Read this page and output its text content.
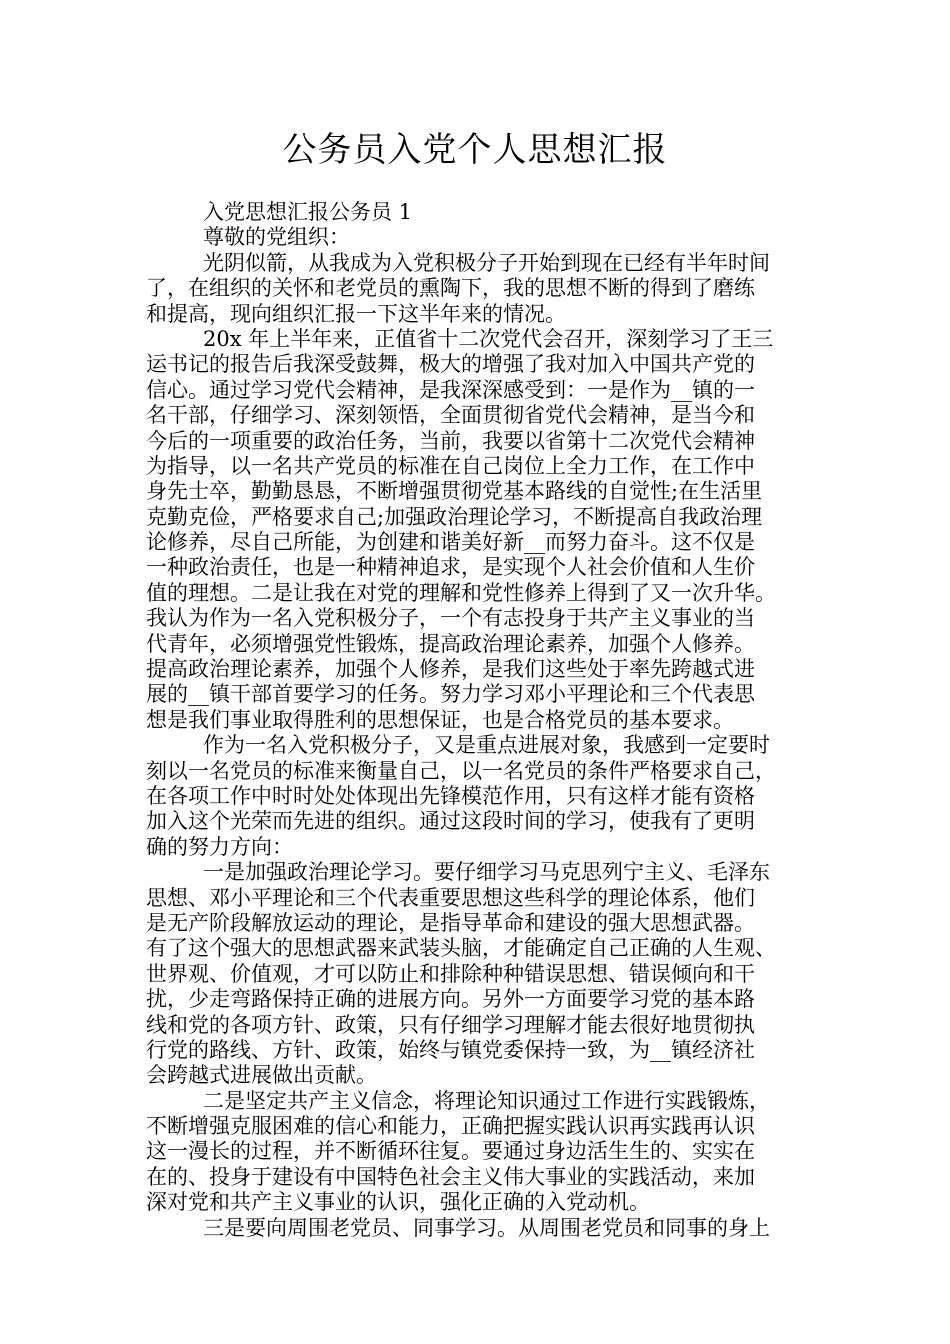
公务员入党个人思想汇报
入党思想汇报公务员 1
尊敬的党组织：
光阴似箭，从我成为入党积极分子开始到现在已经有半年时间
了，在组织的关怀和老党员的熏陶下，我的思想不断的得到了磨练
和提高，现向组织汇报一下这半年来的情况。
20x 年上半年来，正值省十二次党代会召开，深刻学习了王三
运书记的报告后我深受鼓舞，极大的增强了我对加入中国共产党的
信心。通过学习党代会精神，是我深深感受到：一是作为__镇的一
名干部，仔细学习、深刻领悟，全面贯彻省党代会精神，是当今和
今后的一项重要的政治任务，当前，我要以省第十二次党代会精神
为指导，以一名共产党员的标准在自己岗位上全力工作，在工作中
身先士卒，勤勤恳恳，不断增强贯彻党基本路线的自觉性;在生活里
克勤克俭，严格要求自己;加强政治理论学习，不断提高自我政治理
论修养，尽自己所能，为创建和谐美好新__而努力奋斗。这不仅是
一种政治责任，也是一种精神追求，是实现个人社会价值和人生价
值的理想。二是让我在对党的理解和党性修养上得到了又一次升华。
我认为作为一名入党积极分子，一个有志投身于共产主义事业的当
代青年，必须增强党性锻炼，提高政治理论素养，加强个人修养。
提高政治理论素养，加强个人修养，是我们这些处于率先跨越式进
展的__镇干部首要学习的任务。努力学习邓小平理论和三个代表思
想是我们事业取得胜利的思想保证，也是合格党员的基本要求。
作为一名入党积极分子，又是重点进展对象，我感到一定要时
刻以一名党员的标准来衡量自己，以一名党员的条件严格要求自己，
在各项工作中时时处处体现出先锋模范作用，只有这样才能有资格
加入这个光荣而先进的组织。通过这段时间的学习，使我有了更明
确的努力方向：
一是加强政治理论学习。要仔细学习马克思列宁主义、毛泽东
思想、邓小平理论和三个代表重要思想这些科学的理论体系，他们
是无产阶段解放运动的理论，是指导革命和建设的强大思想武器。
有了这个强大的思想武器来武装头脑，才能确定自己正确的人生观、
世界观、价值观，才可以防止和排除种种错误思想、错误倾向和干
扰，少走弯路保持正确的进展方向。另外一方面要学习党的基本路
线和党的各项方针、政策，只有仔细学习理解才能去很好地贯彻执
行党的路线、方针、政策，始终与镇党委保持一致，为__镇经济社
会跨越式进展做出贡献。
二是坚定共产主义信念，将理论知识通过工作进行实践锻炼，
不断增强克服困难的信心和能力，正确把握实践认识再实践再认识
这一漫长的过程，并不断循环往复。要通过身边活生生的、实实在
在的、投身于建设有中国特色社会主义伟大事业的实践活动，来加
深对党和共产主义事业的认识，强化正确的入党动机。
三是要向周围老党员、同事学习。从周围老党员和同事的身上
